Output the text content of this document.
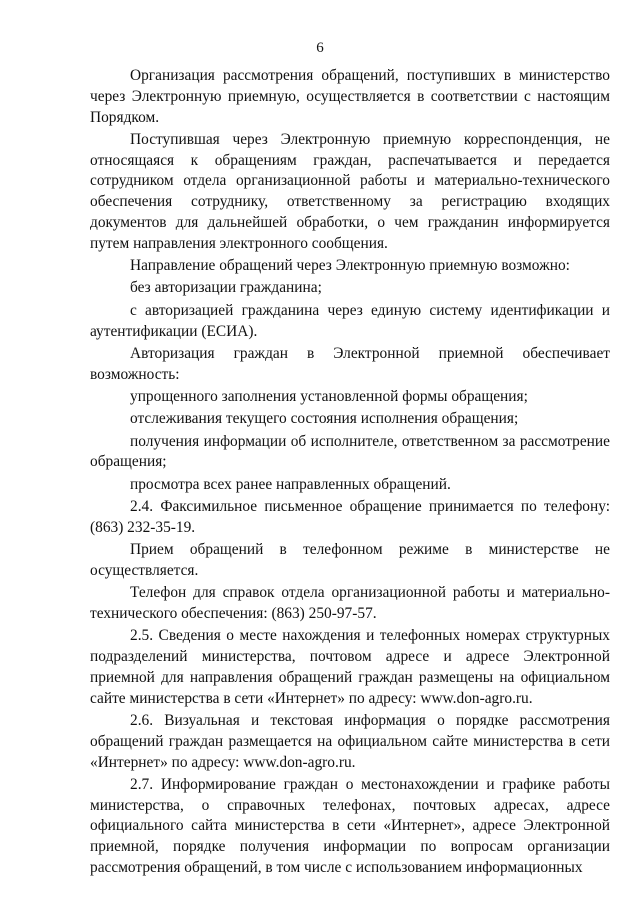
6

Организация рассмотрения обращений, поступивших в министерство через Электронную приемную, осуществляется в соответствии с настоящим Порядком.

Поступившая через Электронную приемную корреспонденция, не относящаяся к обращениям граждан, распечатывается и передается сотрудником отдела организационной работы и материально-технического обеспечения сотруднику, ответственному за регистрацию входящих документов для дальнейшей обработки, о чем гражданин информируется путем направления электронного сообщения.

Направление обращений через Электронную приемную возможно:

без авторизации гражданина;

с авторизацией гражданина через единую систему идентификации и аутентификации (ЕСИА).

Авторизация граждан в Электронной приемной обеспечивает возможность:

упрощенного заполнения установленной формы обращения;

отслеживания текущего состояния исполнения обращения;

получения информации об исполнителе, ответственном за рассмотрение обращения;

просмотра всех ранее направленных обращений.

2.4. Факсимильное письменное обращение принимается по телефону: (863) 232-35-19.

Прием обращений в телефонном режиме в министерстве не осуществляется.

Телефон для справок отдела организационной работы и материально-технического обеспечения: (863) 250-97-57.

2.5. Сведения о месте нахождения и телефонных номерах структурных подразделений министерства, почтовом адресе и адресе Электронной приемной для направления обращений граждан размещены на официальном сайте министерства в сети «Интернет» по адресу: www.don-agro.ru.

2.6. Визуальная и текстовая информация о порядке рассмотрения обращений граждан размещается на официальном сайте министерства в сети «Интернет» по адресу: www.don-agro.ru.

2.7. Информирование граждан о местонахождении и графике работы министерства, о справочных телефонах, почтовых адресах, адресе официального сайта министерства в сети «Интернет», адресе Электронной приемной, порядке получения информации по вопросам организации рассмотрения обращений, в том числе с использованием информационных
